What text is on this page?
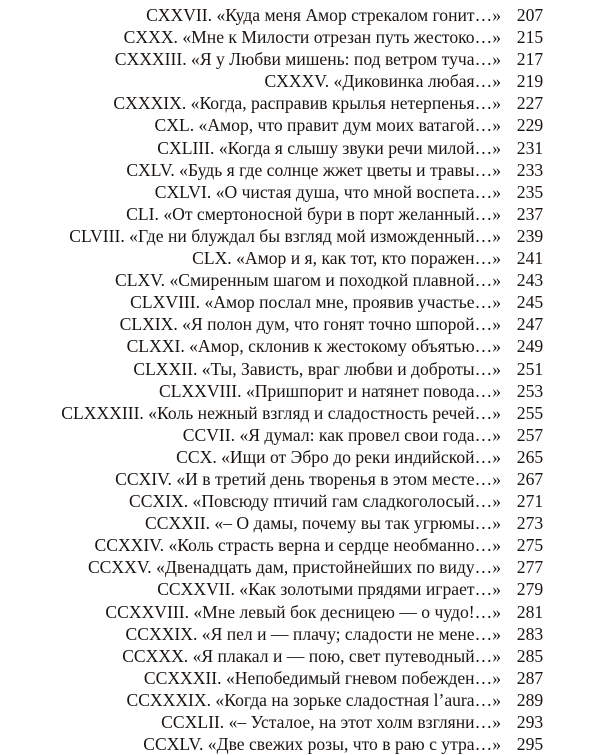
CXXVII. «Куда меня Амор стрекалом гонит…» 207
CXXX. «Мне к Милости отрезан путь жестоко…» 215
CXXXIII. «Я у Любви мишень: под ветром туча…» 217
CXXXV. «Диковинка любая…» 219
CXXXIX. «Когда, расправив крылья нетерпенья…» 227
CXL. «Амор, что правит дум моих ватагой…» 229
CXLIII. «Когда я слышу звуки речи милой…» 231
CXLV. «Будь я где солнце жжет цветы и травы…» 233
CXLVI. «О чистая душа, что мной воспета…» 235
CLI. «От смертоносной бури в порт желанный…» 237
CLVIII. «Где ни блуждал бы взгляд мой изможденный…» 239
CLX. «Амор и я, как тот, кто поражен…» 241
CLXV. «Смиренным шагом и походкой плавной…» 243
CLXVIII. «Амор послал мне, проявив участье…» 245
CLXIX. «Я полон дум, что гонят точно шпорой…» 247
CLXXI. «Амор, склонив к жестокому объятью…» 249
CLXXII. «Ты, Зависть, враг любви и доброты…» 251
CLXXVIII. «Пришпорит и натянет повода…» 253
CLXXXIII. «Коль нежный взгляд и сладостность речей…» 255
CCVII. «Я думал: как провел свои года…» 257
CCX. «Ищи от Эбро до реки индийской…» 265
CCXIV. «И в третий день творенья в этом месте…» 267
CCXIX. «Повсюду птичий гам сладкоголосый…» 271
CCXXII. «– О дамы, почему вы так угрюмы…» 273
CCXXIV. «Коль страсть верна и сердце необманно…» 275
CCXXV. «Двенадцать дам, пристойнейших по виду…» 277
CCXXVII. «Как золотыми прядями играет…» 279
CCXXVIII. «Мне левый бок десницею — о чудо!…» 281
CCXXIX. «Я пел и — плачу; сладости не мене…» 283
CCXXX. «Я плакал и — пою, свет путеводный…» 285
CCXXXII. «Непобедимый гневом побежден…» 287
CCXXXIX. «Когда на зорьке сладостная l’aura…» 289
CCXLII. «– Усталое, на этот холм взгляни…» 293
CCXLV. «Две свежих розы, что в раю с утра…» 295
